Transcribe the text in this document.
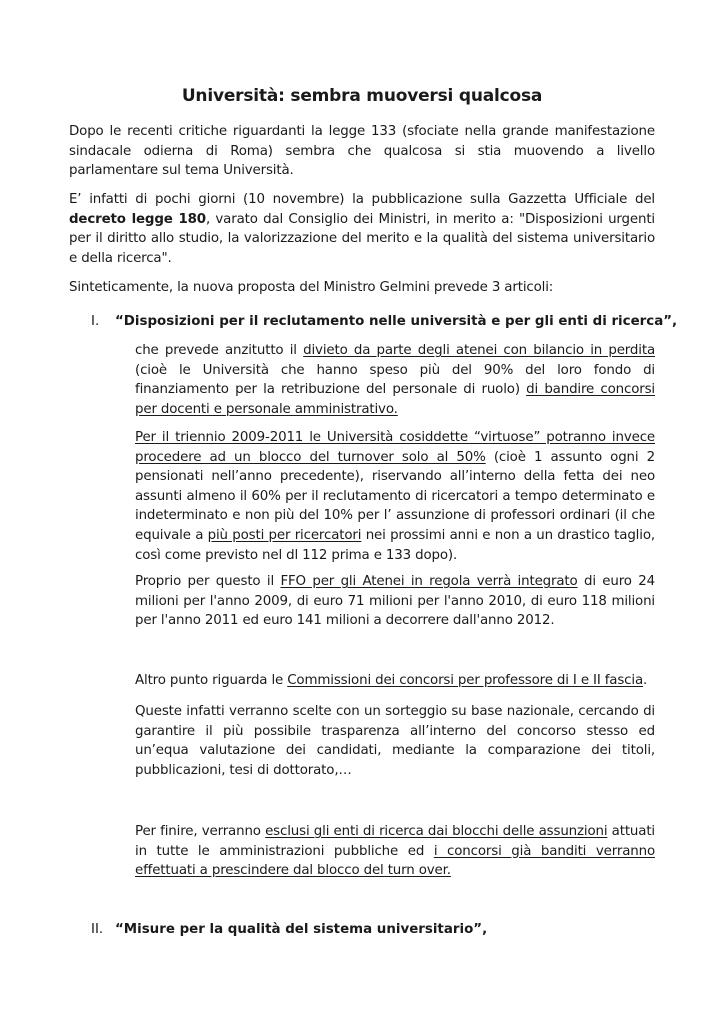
Università: sembra muoversi qualcosa
Dopo le recenti critiche riguardanti la legge 133 (sfociate nella grande manifestazione sindacale odierna di Roma) sembra che qualcosa si stia muovendo a livello parlamentare sul tema Università.
E’ infatti di pochi giorni (10 novembre) la pubblicazione sulla Gazzetta Ufficiale del decreto legge 180, varato dal Consiglio dei Ministri, in merito a: "Disposizioni urgenti per il diritto allo studio, la valorizzazione del merito e la qualità del sistema universitario e della ricerca".
Sinteticamente, la nuova proposta del Ministro Gelmini prevede 3 articoli:
I. “Disposizioni per il reclutamento nelle università e per gli enti di ricerca”,
che prevede anzitutto il divieto da parte degli atenei con bilancio in perdita (cioè le Università che hanno speso più del 90% del loro fondo di finanziamento per la retribuzione del personale di ruolo) di bandire concorsi per docenti e personale amministrativo.
Per il triennio 2009-2011 le Università cosiddette “virtuose” potranno invece procedere ad un blocco del turnover solo al 50% (cioè 1 assunto ogni 2 pensionati nell’anno precedente), riservando all’interno della fetta dei neo assunti almeno il 60% per il reclutamento di ricercatori a tempo determinato e indeterminato e non più del 10% per l’ assunzione di professori ordinari (il che equivale a più posti per ricercatori nei prossimi anni e non a un drastico taglio, così come previsto nel dl 112 prima e 133 dopo).
Proprio per questo il FFO per gli Atenei in regola verrà integrato di euro 24 milioni per l'anno 2009, di euro 71 milioni per l'anno 2010, di euro 118 milioni per l'anno 2011 ed euro 141 milioni a decorrere dall'anno 2012.
Altro punto riguarda le Commissioni dei concorsi per professore di I e II fascia.
Queste infatti verranno scelte con un sorteggio su base nazionale, cercando di garantire il più possibile trasparenza all’interno del concorso stesso ed un’equa valutazione dei candidati, mediante la comparazione dei titoli, pubblicazioni, tesi di dottorato,…
Per finire, verranno esclusi gli enti di ricerca dai blocchi delle assunzioni attuati in tutte le amministrazioni pubbliche ed i concorsi già banditi verranno effettuati a prescindere dal blocco del turn over.
II. “Misure per la qualità del sistema universitario”,
